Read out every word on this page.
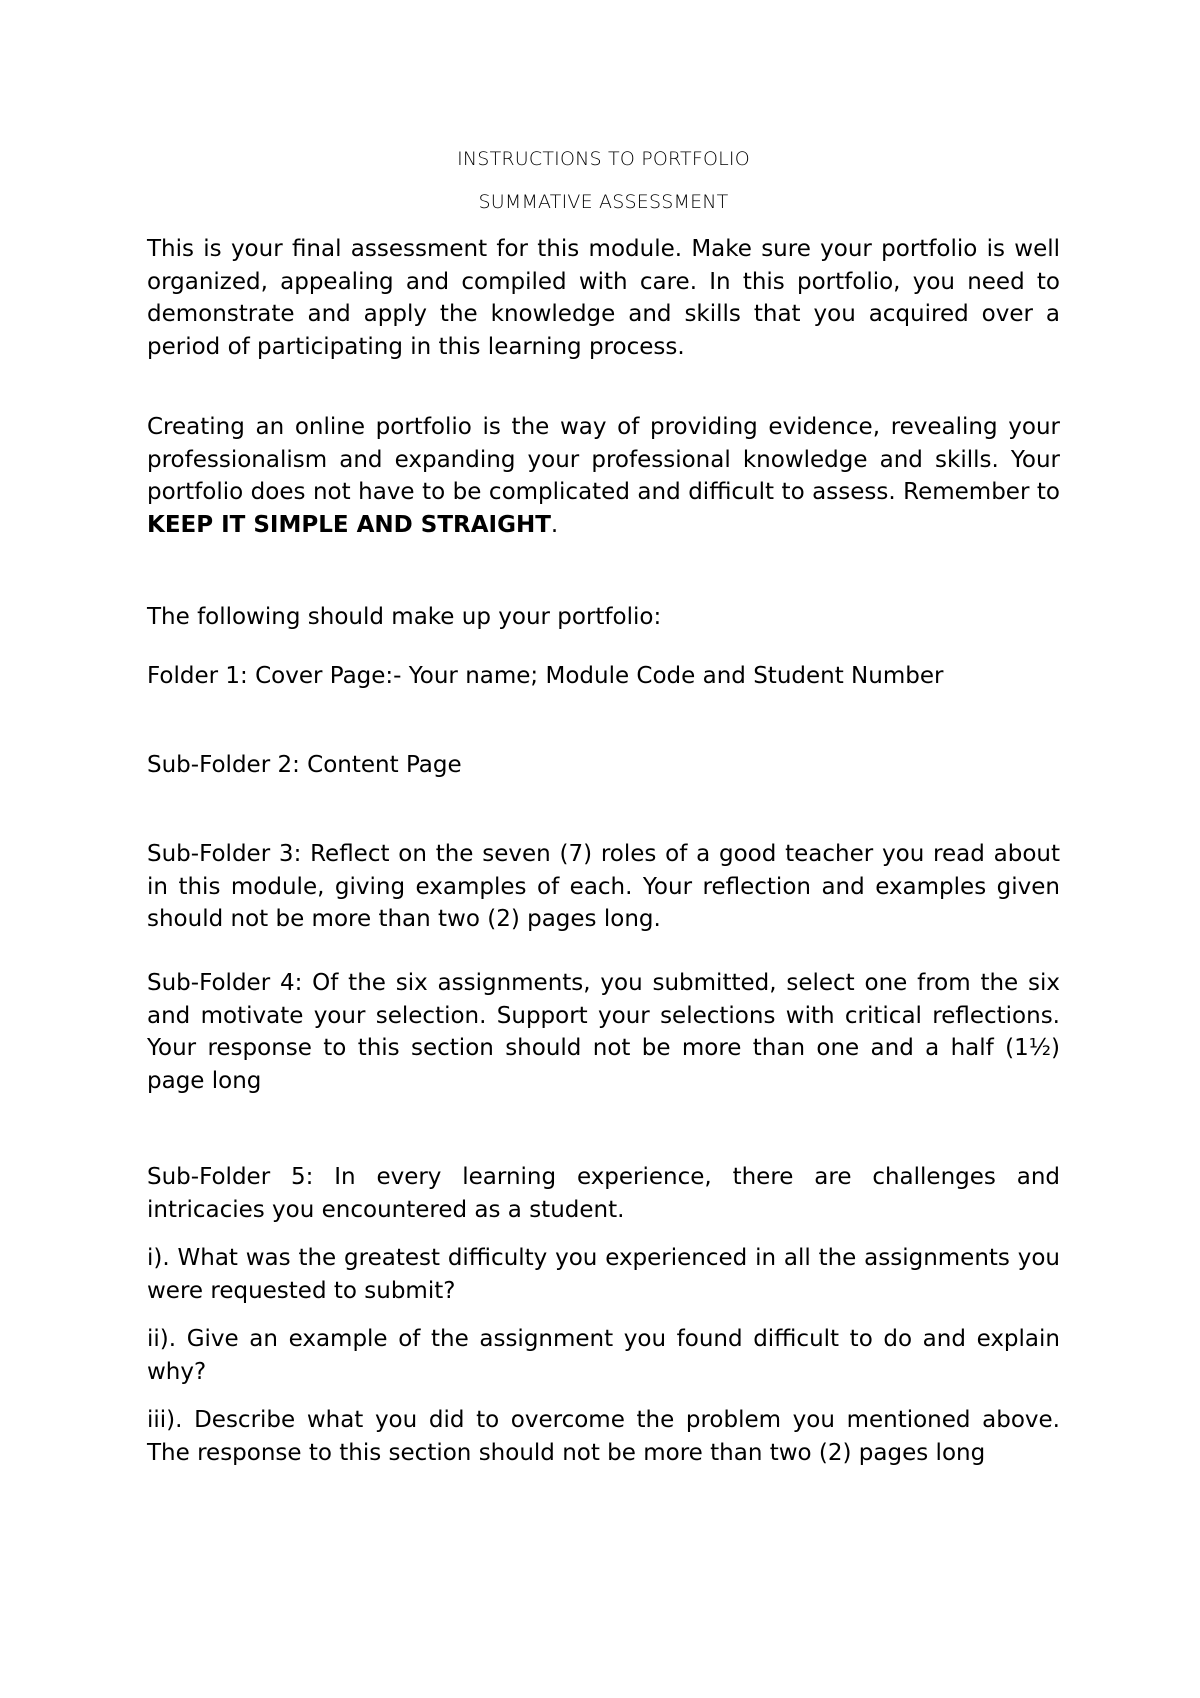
INSTRUCTIONS TO PORTFOLIO
SUMMATIVE ASSESSMENT

This is your final assessment for this module. Make sure your portfolio is well organized, appealing and compiled with care. In this portfolio, you need to demonstrate and apply the knowledge and skills that you acquired over a period of participating in this learning process.

Creating an online portfolio is the way of providing evidence, revealing your professionalism and expanding your professional knowledge and skills. Your portfolio does not have to be complicated and difficult to assess. Remember to KEEP IT SIMPLE AND STRAIGHT.

The following should make up your portfolio:

Folder 1: Cover Page:- Your name; Module Code and Student Number

Sub-Folder 2: Content Page

Sub-Folder 3: Reflect on the seven (7) roles of a good teacher you read about in this module, giving examples of each. Your reflection and examples given should not be more than two (2) pages long.

Sub-Folder 4: Of the six assignments, you submitted, select one from the six and motivate your selection. Support your selections with critical reflections. Your response to this section should not be more than one and a half (1½) page long

Sub-Folder 5: In every learning experience, there are challenges and intricacies you encountered as a student.

i). What was the greatest difficulty you experienced in all the assignments you were requested to submit?

ii). Give an example of the assignment you found difficult to do and explain why?

iii). Describe what you did to overcome the problem you mentioned above. The response to this section should not be more than two (2) pages long
